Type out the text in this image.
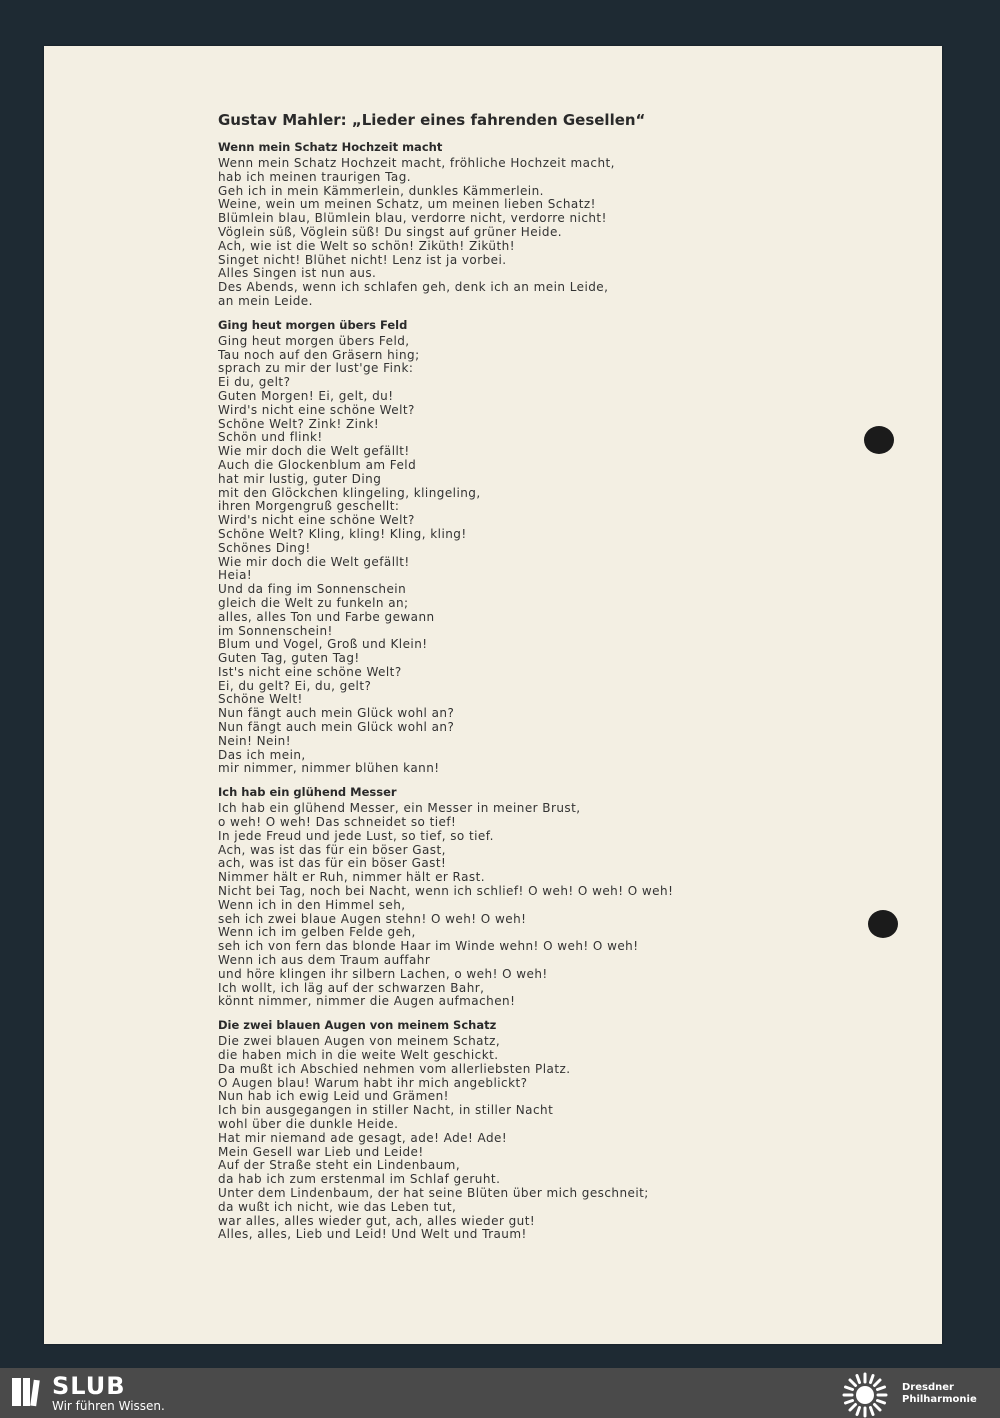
Gustav Mahler: „Lieder eines fahrenden Gesellen“
Wenn mein Schatz Hochzeit macht
Wenn mein Schatz Hochzeit macht, fröhliche Hochzeit macht,
hab ich meinen traurigen Tag.
Geh ich in mein Kämmerlein, dunkles Kämmerlein.
Weine, wein um meinen Schatz, um meinen lieben Schatz!
Blümlein blau, Blümlein blau, verdorre nicht, verdorre nicht!
Vöglein süß, Vöglein süß! Du singst auf grüner Heide.
Ach, wie ist die Welt so schön! Ziküth! Ziküth!
Singet nicht! Blühet nicht! Lenz ist ja vorbei.
Alles Singen ist nun aus.
Des Abends, wenn ich schlafen geh, denk ich an mein Leide,
an mein Leide.
Ging heut morgen übers Feld
Ging heut morgen übers Feld,
Tau noch auf den Gräsern hing;
sprach zu mir der lust'ge Fink:
Ei du, gelt?
Guten Morgen! Ei, gelt, du!
Wird's nicht eine schöne Welt?
Schöne Welt? Zink! Zink!
Schön und flink!
Wie mir doch die Welt gefällt!
Auch die Glockenblum am Feld
hat mir lustig, guter Ding
mit den Glöckchen klingeling, klingeling,
ihren Morgengruß geschellt:
Wird's nicht eine schöne Welt?
Schöne Welt? Kling, kling! Kling, kling!
Schönes Ding!
Wie mir doch die Welt gefällt!
Heia!
Und da fing im Sonnenschein
gleich die Welt zu funkeln an;
alles, alles Ton und Farbe gewann
im Sonnenschein!
Blum und Vogel, Groß und Klein!
Guten Tag, guten Tag!
Ist's nicht eine schöne Welt?
Ei, du gelt? Ei, du, gelt?
Schöne Welt!
Nun fängt auch mein Glück wohl an?
Nun fängt auch mein Glück wohl an?
Nein! Nein!
Das ich mein,
mir nimmer, nimmer blühen kann!
Ich hab ein glühend Messer
Ich hab ein glühend Messer, ein Messer in meiner Brust,
o weh! O weh! Das schneidet so tief!
In jede Freud und jede Lust, so tief, so tief.
Ach, was ist das für ein böser Gast,
ach, was ist das für ein böser Gast!
Nimmer hält er Ruh, nimmer hält er Rast.
Nicht bei Tag, noch bei Nacht, wenn ich schlief! O weh! O weh! O weh!
Wenn ich in den Himmel seh,
seh ich zwei blaue Augen stehn! O weh! O weh!
Wenn ich im gelben Felde geh,
seh ich von fern das blonde Haar im Winde wehn! O weh! O weh!
Wenn ich aus dem Traum auffahr
und höre klingen ihr silbern Lachen, o weh! O weh!
Ich wollt, ich läg auf der schwarzen Bahr,
könnt nimmer, nimmer die Augen aufmachen!
Die zwei blauen Augen von meinem Schatz
Die zwei blauen Augen von meinem Schatz,
die haben mich in die weite Welt geschickt.
Da mußt ich Abschied nehmen vom allerliebsten Platz.
O Augen blau! Warum habt ihr mich angeblickt?
Nun hab ich ewig Leid und Grämen!
Ich bin ausgegangen in stiller Nacht, in stiller Nacht
wohl über die dunkle Heide.
Hat mir niemand ade gesagt, ade! Ade! Ade!
Mein Gesell war Lieb und Leide!
Auf der Straße steht ein Lindenbaum,
da hab ich zum erstenmal im Schlaf geruht.
Unter dem Lindenbaum, der hat seine Blüten über mich geschneit;
da wußt ich nicht, wie das Leben tut,
war alles, alles wieder gut, ach, alles wieder gut!
Alles, alles, Lieb und Leid! Und Welt und Traum!
SLUB
Wir führen Wissen.
Dresdner
Philharmonie
